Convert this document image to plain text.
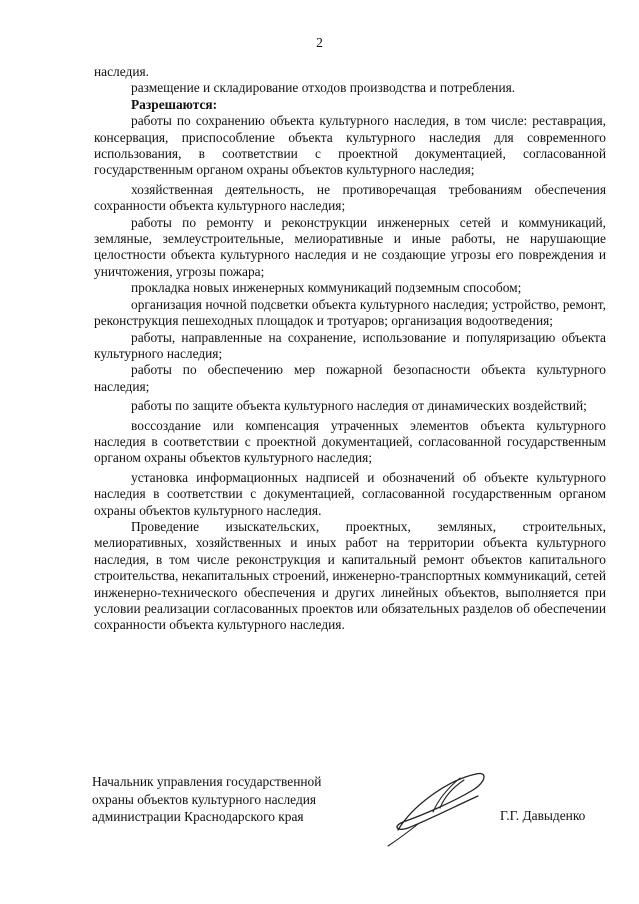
2

наследия.

размещение и складирование отходов производства и потребления.

Разрешаются:

работы по сохранению объекта культурного наследия, в том числе: реставрация, консервация, приспособление объекта культурного наследия для современного использования, в соответствии с проектной документацией, согласованной государственным органом охраны объектов культурного наследия;

хозяйственная деятельность, не противоречащая требованиям обеспечения сохранности объекта культурного наследия;

работы по ремонту и реконструкции инженерных сетей и коммуникаций, земляные, землеустроительные, мелиоративные и иные работы, не нарушающие целостности объекта культурного наследия и не создающие угрозы его повреждения и уничтожения, угрозы пожара;

прокладка новых инженерных коммуникаций подземным способом;

организация ночной подсветки объекта культурного наследия; устройство, ремонт, реконструкция пешеходных площадок и тротуаров; организация водоотведения;

работы, направленные на сохранение, использование и популяризацию объекта культурного наследия;

работы по обеспечению мер пожарной безопасности объекта культурного наследия;

работы по защите объекта культурного наследия от динамических воздействий;

воссоздание или компенсация утраченных элементов объекта культурного наследия в соответствии с проектной документацией, согласованной государственным органом охраны объектов культурного наследия;

установка информационных надписей и обозначений об объекте культурного наследия в соответствии с документацией, согласованной государственным органом охраны объектов культурного наследия.

Проведение изыскательских, проектных, земляных, строительных, мелиоративных, хозяйственных и иных работ на территории объекта культурного наследия, в том числе реконструкция и капитальный ремонт объектов капитального строительства, некапитальных строений, инженерно-транспортных коммуникаций, сетей инженерно-технического обеспечения и других линейных объектов, выполняется при условии реализации согласованных проектов или обязательных разделов об обеспечении сохранности объекта культурного наследия.

Начальник управления государственной
охраны объектов культурного наследия
администрации Краснодарского края	Г.Г. Давыденко
